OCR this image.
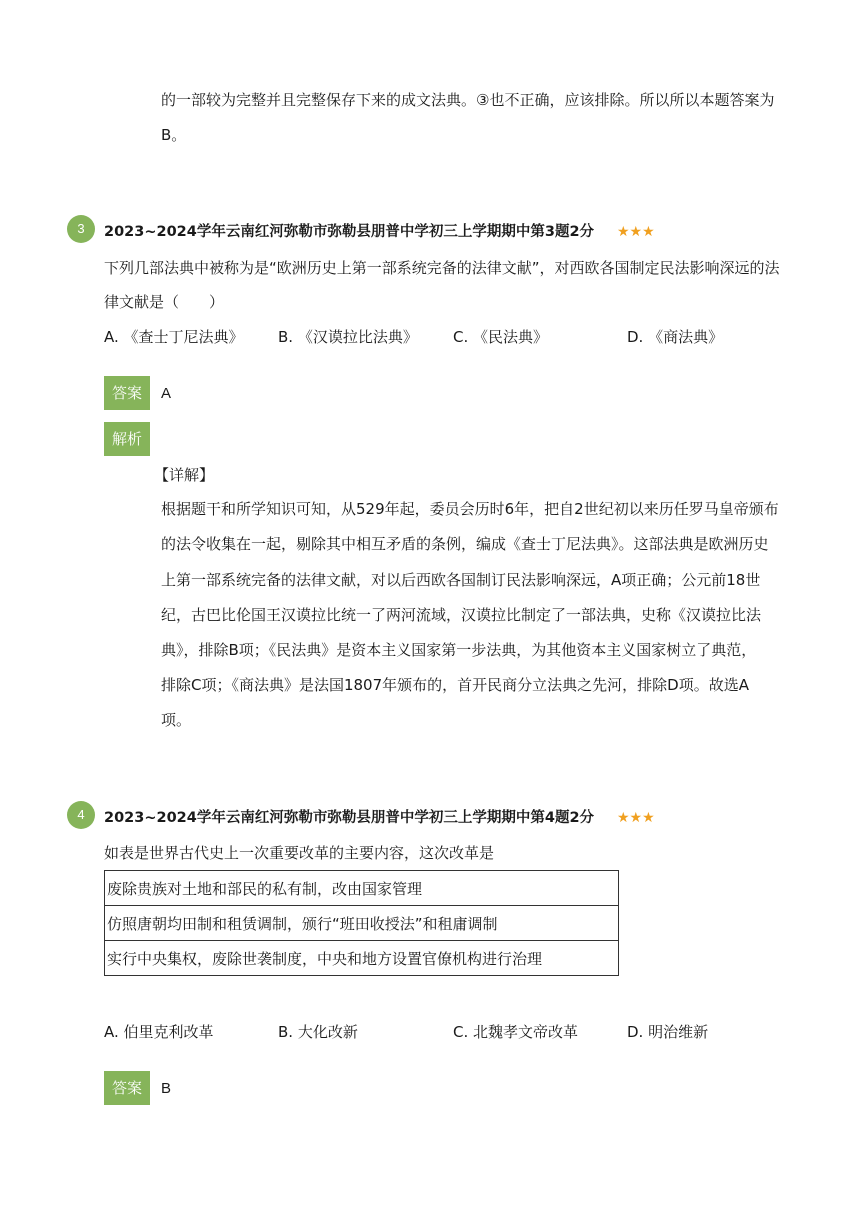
的一部较为完整并且完整保存下来的成文法典。③也不正确，应该排除。所以所以本题答案为
B。
3	2023~2024学年云南红河弥勒市弥勒县朋普中学初三上学期期中第3题2分 ★★★
下列几部法典中被称为是“欧洲历史上第一部系统完备的法律文献”，对西欧各国制定民法影响深远的法
律文献是（　　）
A. 《查士丁尼法典》 B. 《汉谟拉比法典》 C. 《民法典》	D. 《商法典》
答案	A
解析
【详解】
根据题干和所学知识可知，从529年起，委员会历时6年，把自2世纪初以来历任罗马皇帝颁布
的法令收集在一起，剔除其中相互矛盾的条例，编成《查士丁尼法典》。这部法典是欧洲历史
上第一部系统完备的法律文献，对以后西欧各国制订民法影响深远，A项正确；公元前18世
纪，古巴比伦国王汉谟拉比统一了两河流域，汉谟拉比制定了一部法典，史称《汉谟拉比法
典》，排除B项；《民法典》是资本主义国家第一步法典，为其他资本主义国家树立了典范，
排除C项；《商法典》是法国1807年颁布的，首开民商分立法典之先河，排除D项。故选A
项。
4	2023~2024学年云南红河弥勒市弥勒县朋普中学初三上学期期中第4题2分 ★★★
如表是世界古代史上一次重要改革的主要内容，这次改革是
废除贵族对土地和部民的私有制，改由国家管理
仿照唐朝均田制和租赁调制，颁行“班田收授法”和租庸调制
实行中央集权，废除世袭制度，中央和地方设置官僚机构进行治理
A. 伯里克利改革	B. 大化改新	C. 北魏孝文帝改革	D. 明治维新
答案	B
